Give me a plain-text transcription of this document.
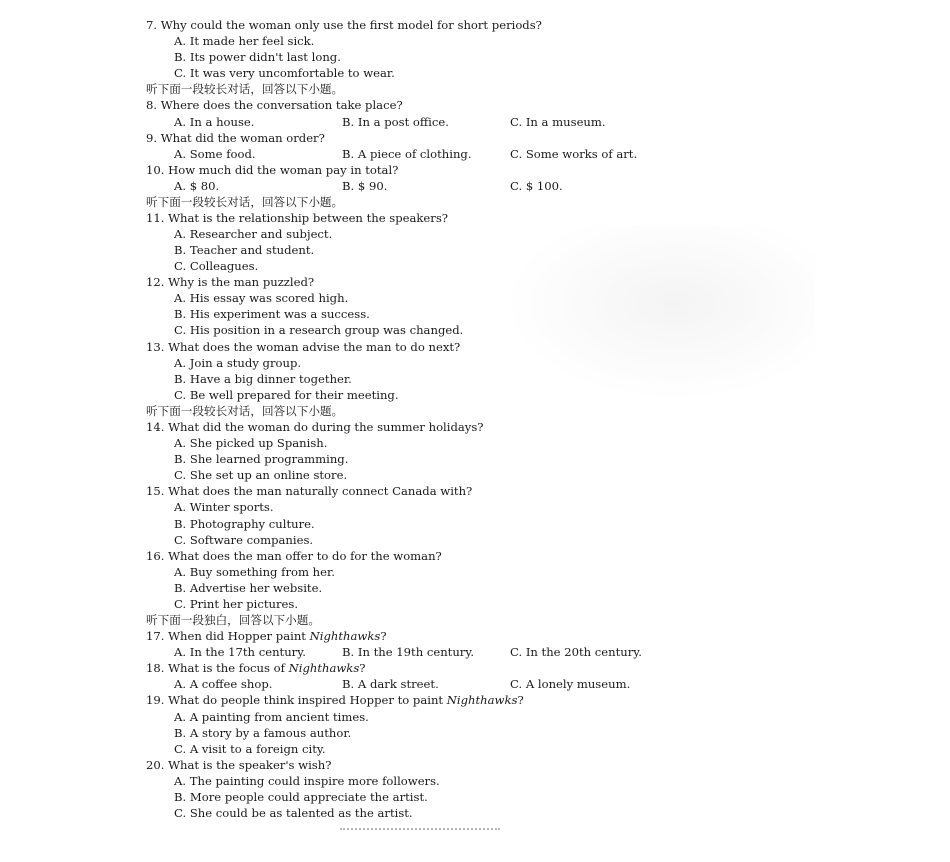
7. Why could the woman only use the first model for short periods?
A. It made her feel sick.
B. Its power didn't last long.
C. It was very uncomfortable to wear.
听下面一段较长对话，回答以下小题。
8. Where does the conversation take place?
A. In a house.	B. In a post office.	C. In a museum.
9. What did the woman order?
A. Some food.	B. A piece of clothing.	C. Some works of art.
10. How much did the woman pay in total?
A. $ 80.	B. $ 90.	C. $ 100.
听下面一段较长对话，回答以下小题。
11. What is the relationship between the speakers?
A. Researcher and subject.
B. Teacher and student.
C. Colleagues.
12. Why is the man puzzled?
A. His essay was scored high.
B. His experiment was a success.
C. His position in a research group was changed.
13. What does the woman advise the man to do next?
A. Join a study group.
B. Have a big dinner together.
C. Be well prepared for their meeting.
听下面一段较长对话，回答以下小题。
14. What did the woman do during the summer holidays?
A. She picked up Spanish.
B. She learned programming.
C. She set up an online store.
15. What does the man naturally connect Canada with?
A. Winter sports.
B. Photography culture.
C. Software companies.
16. What does the man offer to do for the woman?
A. Buy something from her.
B. Advertise her website.
C. Print her pictures.
听下面一段独白，回答以下小题。
17. When did Hopper paint Nighthawks?
A. In the 17th century.	B. In the 19th century.	C. In the 20th century.
18. What is the focus of Nighthawks?
A. A coffee shop.	B. A dark street.	C. A lonely museum.
19. What do people think inspired Hopper to paint Nighthawks?
A. A painting from ancient times.
B. A story by a famous author.
C. A visit to a foreign city.
20. What is the speaker's wish?
A. The painting could inspire more followers.
B. More people could appreciate the artist.
C. She could be as talented as the artist.
